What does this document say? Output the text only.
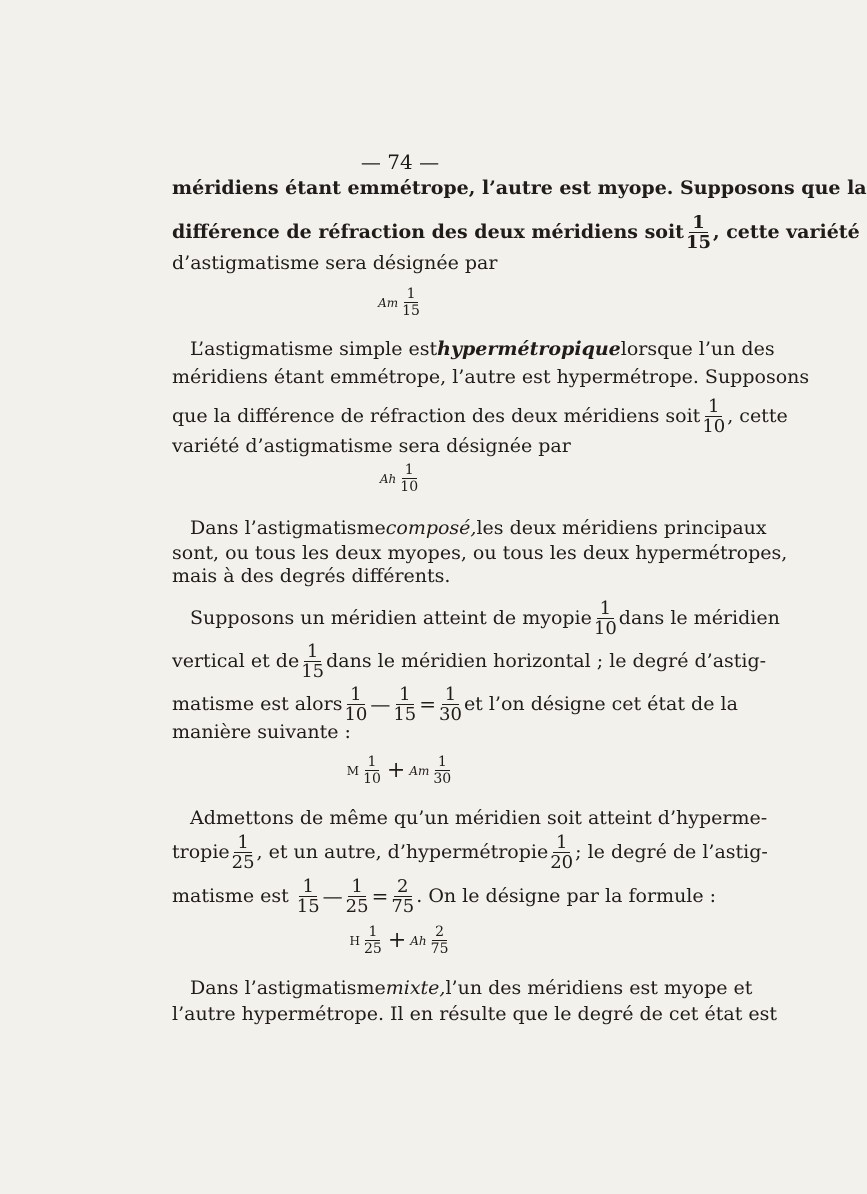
— 74 —
méridiens étant emmétrope, l’autre est myope. Supposons que la
différence de réfraction des deux méridiens soit $\frac{1}{15}$ , cette variété
d’astigmatisme sera désignée par
Am $\frac{1}{15}$
L’astigmatisme simple est hypermétropique lorsque l’un des
méridiens étant emmétrope, l’autre est hypermétrope. Supposons
que la différence de réfraction des deux méridiens soit $\frac{1}{10}$ , cette
variété d’astigmatisme sera désignée par
Ah $\frac{1}{10}$
Dans l’astigmatisme composé, les deux méridiens principaux
sont, ou tous les deux myopes, ou tous les deux hypermétropes,
mais à des degrés différents.
Supposons un méridien atteint de myopie $\frac{1}{10}$ dans le méridien
vertical et de $\frac{1}{15}$ dans le méridien horizontal ; le degré d’astig-
matisme est alors $\frac{1}{10}$ — $\frac{1}{15} = \frac{1}{30}$ et l’on désigne cet état de la
manière suivante :
M $\frac{1}{10} + Am \frac{1}{30}$
Admettons de même qu’un méridien soit atteint d’hyperme-
tropie $\frac{1}{25}$ , et un autre, d’hypermétropie $\frac{1}{20}$ ; le degré de l’astig-
matisme est $\frac{1}{15}$ — $\frac{1}{25} = \frac{2}{75}$ . On le désigne par la formule :
H $\frac{1}{25} + Ah \frac{2}{75}$
Dans l’astigmatisme mixte, l’un des méridiens est myope et
l’autre hypermétrope. Il en résulte que le degré de cet état est
